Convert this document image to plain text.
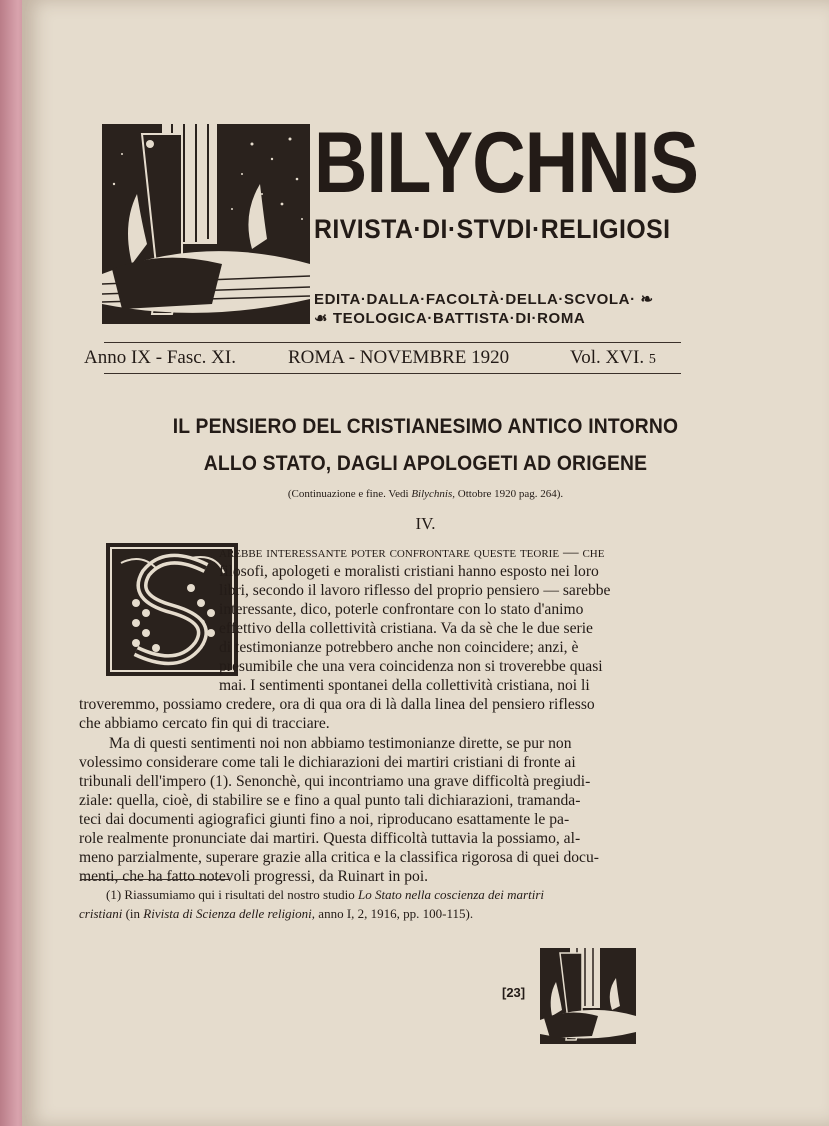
BILYCHNIS
RIVISTA·DI·STVDI·RELIGIOSI
EDITA·DALLA·FACOLTÀ·DELLA·SCVOLA· ❧
☙ TEOLOGICA·BATTISTA·DI·ROMA
Anno IX - Fasc. XI.	ROMA - NOVEMBRE 1920	Vol. XVI. 5
IL PENSIERO DEL CRISTIANESIMO ANTICO INTORNO
ALLO STATO, DAGLI APOLOGETI AD ORIGENE
(Continuazione e fine. Vedi Bilychnis, Ottobre 1920 pag. 264).
IV.
arebbe interessante poter confrontare queste teorie — che
filosofi, apologeti e moralisti cristiani hanno esposto nei loro
libri, secondo il lavoro riflesso del proprio pensiero — sarebbe
interessante, dico, poterle confrontare con lo stato d'animo
effettivo della collettività cristiana. Va da sè che le due serie
di testimonianze potrebbero anche non coincidere; anzi, è
presumibile che una vera coincidenza non si troverebbe quasi
mai. I sentimenti spontanei della collettività cristiana, noi li
troveremmo, possiamo credere, ora di qua ora di là dalla linea del pensiero riflesso
che abbiamo cercato fin qui di tracciare.
Ma di questi sentimenti noi non abbiamo testimonianze dirette, se pur non
volessimo considerare come tali le dichiarazioni dei martiri cristiani di fronte ai
tribunali dell'impero (1). Senonchè, qui incontriamo una grave difficoltà pregiudi-
ziale: quella, cioè, di stabilire se e fino a qual punto tali dichiarazioni, tramanda-
teci dai documenti agiografici giunti fino a noi, riproducano esattamente le pa-
role realmente pronunciate dai martiri. Questa difficoltà tuttavia la possiamo, al-
meno parzialmente, superare grazie alla critica e la classifica rigorosa di quei docu-
menti, che ha fatto notevoli progressi, da Ruinart in poi.
(1) Riassumiamo qui i risultati del nostro studio Lo Stato nella coscienza dei martiri
cristiani (in Rivista di Scienza delle religioni, anno I, 2, 1916, pp. 100-115).
[23]
